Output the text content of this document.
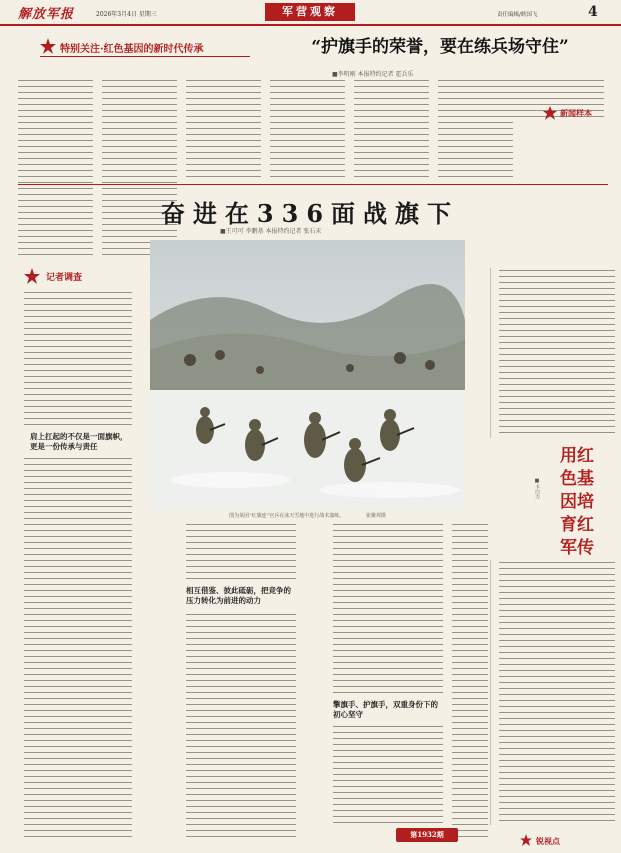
解放军报	2026年3月4日 星期三	军营观察	责任编辑/耿国飞	4
特别关注·红色基因的新时代传承	“护旗手的荣誉，要在练兵场守住”
■李明刚 本报特约记者 霍兵乐
新闻样本
奋进在336面战旗下
■王可可 李鹏基 本报特约记者 张石禾
图为某团“红旗连”官兵在冰天雪地中进行战术演练。	崔聚邦摄
记者调查
肩上扛起的不仅是一面旗帜，更是一份传承与责任
相互借鉴、彼此砥砺，把竞争的压力转化为前进的动力
擎旗手、护旗手，双重身份下的初心坚守
用红色基因培育红军传
■卡白力
第1932期
锐视点
